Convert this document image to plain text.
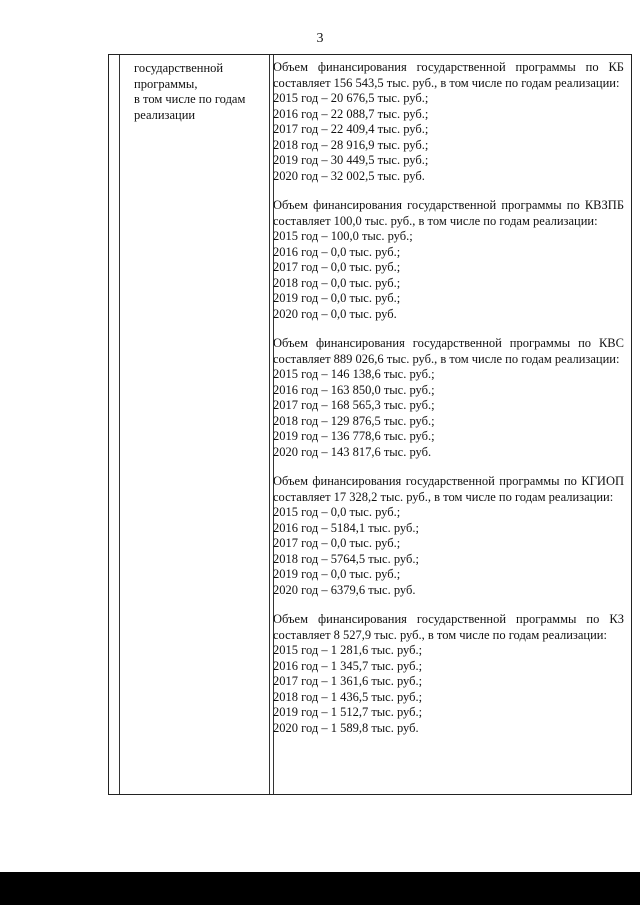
3
государственной
программы,
в том числе по годам
реализации
Объем финансирования государственной программы по КБ составляет 156 543,5 тыс. руб., в том числе по годам реализации:
2015 год – 20 676,5 тыс. руб.;
2016 год – 22 088,7 тыс. руб.;
2017 год – 22 409,4 тыс. руб.;
2018 год – 28 916,9 тыс. руб.;
2019 год – 30 449,5 тыс. руб.;
2020 год – 32 002,5 тыс. руб.
Объем финансирования государственной программы по КВЗПБ составляет 100,0 тыс. руб., в том числе по годам реализации:
2015 год – 100,0 тыс. руб.;
2016 год – 0,0 тыс. руб.;
2017 год – 0,0 тыс. руб.;
2018 год – 0,0 тыс. руб.;
2019 год – 0,0 тыс. руб.;
2020 год – 0,0 тыс. руб.
Объем финансирования государственной программы по КВС составляет 889 026,6 тыс. руб., в том числе по годам реализации:
2015 год – 146 138,6 тыс. руб.;
2016 год – 163 850,0 тыс. руб.;
2017 год – 168 565,3 тыс. руб.;
2018 год – 129 876,5 тыс. руб.;
2019 год – 136 778,6 тыс. руб.;
2020 год – 143 817,6 тыс. руб.
Объем финансирования государственной программы по КГИОП составляет 17 328,2 тыс. руб., в том числе по годам реализации:
2015 год – 0,0 тыс. руб.;
2016 год – 5184,1 тыс. руб.;
2017 год – 0,0 тыс. руб.;
2018 год – 5764,5 тыс. руб.;
2019 год – 0,0 тыс. руб.;
2020 год – 6379,6 тыс. руб.
Объем финансирования государственной программы по КЗ составляет 8 527,9 тыс. руб., в том числе по годам реализации:
2015 год – 1 281,6 тыс. руб.;
2016 год – 1 345,7 тыс. руб.;
2017 год – 1 361,6 тыс. руб.;
2018 год – 1 436,5 тыс. руб.;
2019 год – 1 512,7 тыс. руб.;
2020 год – 1 589,8 тыс. руб.
